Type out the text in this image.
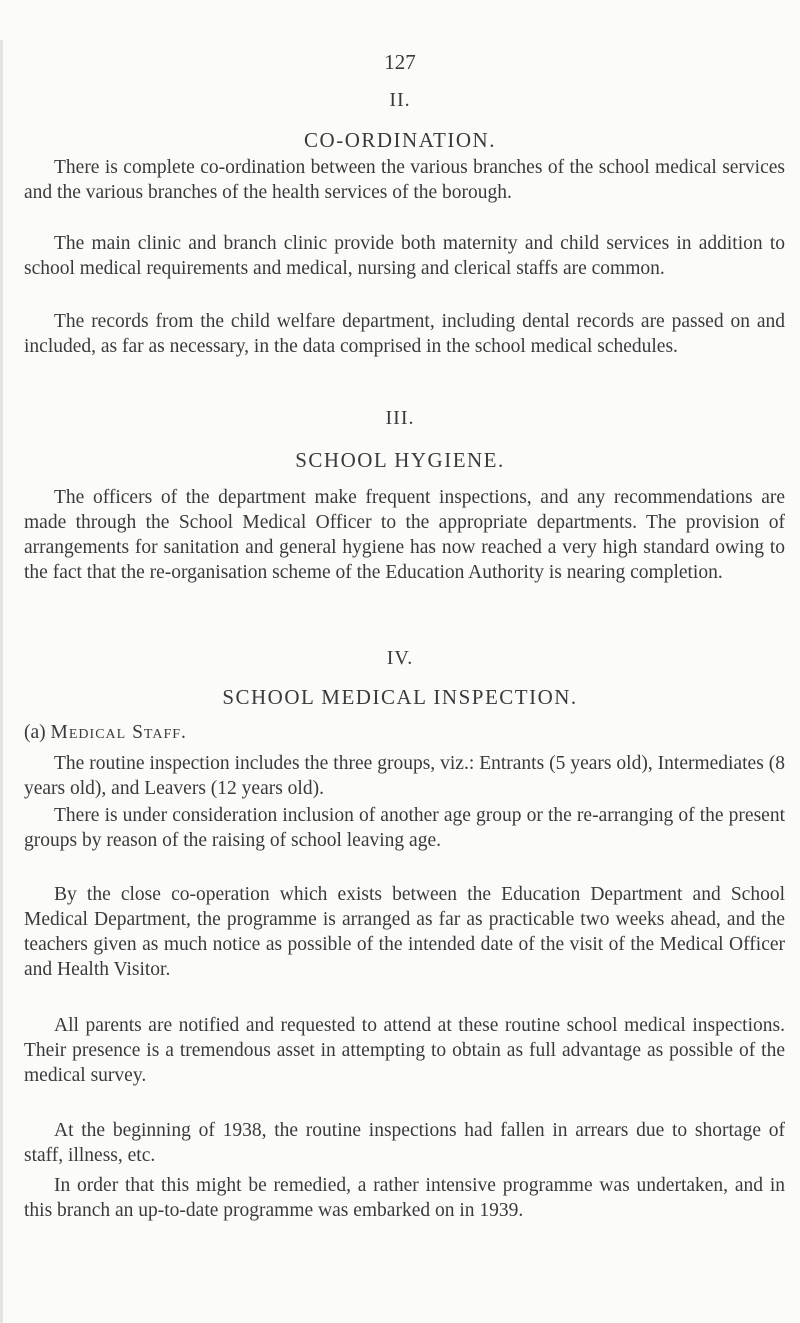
127
II.
CO-ORDINATION.

There is complete co-ordination between the various branches of the school medical services and the various branches of the health services of the borough.

The main clinic and branch clinic provide both maternity and child services in addition to school medical requirements and medical, nursing and clerical staffs are common.

The records from the child welfare department, including dental records are passed on and included, as far as necessary, in the data comprised in the school medical schedules.

III.
SCHOOL HYGIENE.

The officers of the department make frequent inspections, and any recommendations are made through the School Medical Officer to the appropriate departments. The provision of arrangements for sanitation and general hygiene has now reached a very high standard owing to the fact that the re-organisation scheme of the Education Authority is nearing completion.

IV.
SCHOOL MEDICAL INSPECTION.
(a) Medical Staff.

The routine inspection includes the three groups, viz.: Entrants (5 years old), Intermediates (8 years old), and Leavers (12 years old).

There is under consideration inclusion of another age group or the re-arranging of the present groups by reason of the raising of school leaving age.

By the close co-operation which exists between the Education Department and School Medical Department, the programme is arranged as far as practicable two weeks ahead, and the teachers given as much notice as possible of the intended date of the visit of the Medical Officer and Health Visitor.

All parents are notified and requested to attend at these routine school medical inspections. Their presence is a tremendous asset in attempting to obtain as full advantage as possible of the medical survey.

At the beginning of 1938, the routine inspections had fallen in arrears due to shortage of staff, illness, etc.

In order that this might be remedied, a rather intensive programme was undertaken, and in this branch an up-to-date programme was embarked on in 1939.
